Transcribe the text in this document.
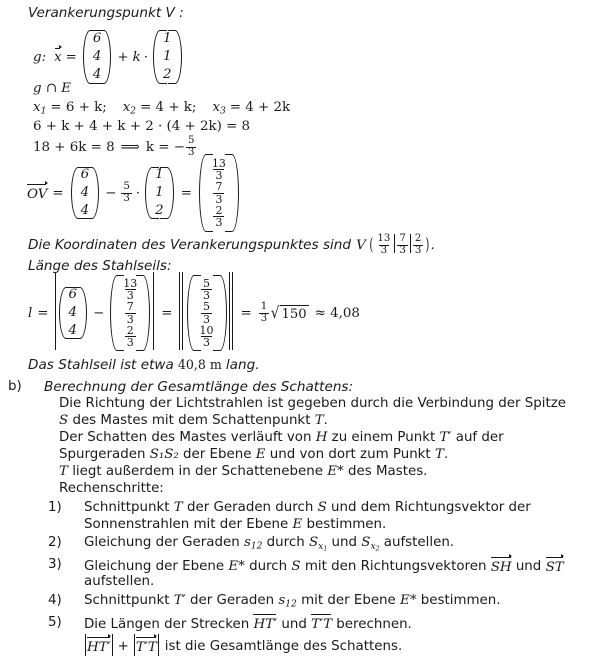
Verankerungspunkt V :
g: x =
6
4
4
+ k ·
1
1
2
g ∩ E
$x_1 = 6 + k$; $x_2 = 4 + k$; $x_3 = 4 + 2k$
6 + k + 4 + k + 2 · (4 + 2k) = 8
18 + 6k = 8 ⟹ k = − $\frac{5}{3}$
OV =
6
4
4
− $\frac{5}{3}$ ·
1
1
2
=
$\frac{13}{3}$
$\frac{7}{3}$
$\frac{2}{3}$
Die Koordinaten des Verankerungspunktes sind V ( $\frac{13}{3} \frac{7}{3} \frac{2}{3}$ ) .
Länge des Stahlseils:
l =
6
4
4
−
$\frac{13}{3}$
$\frac{7}{3}$
$\frac{2}{3}$
=
$\frac{5}{3}$
$\frac{5}{3}$
$\frac{10}{3}$
= $\frac{1}{3}$ √ 150 ≈ 4,08
Das Stahlseil ist etwa 40,8 m lang.
b) Berechnung der Gesamtlänge des Schattens:
Die Richtung der Lichtstrahlen ist gegeben durch die Verbindung der Spitze
S des Mastes mit dem Schattenpunkt T.
Der Schatten des Mastes verläuft von H zu einem Punkt T′ auf der
Spurgeraden S₁S₂ der Ebene E und von dort zum Punkt T.
T liegt außerdem in der Schattenebene E* des Mastes.
Rechenschritte:
1) Schnittpunkt T der Geraden durch S und dem Richtungsvektor der
Sonnenstrahlen mit der Ebene E bestimmen.
2) Gleichung der Geraden $s_{12}$ durch $S_{x_1}$ und $S_{x_2}$ aufstellen.
3) Gleichung der Ebene E* durch S mit den Richtungsvektoren SH und ST
aufstellen.
4) Schnittpunkt T′ der Geraden $s_{12}$ mit der Ebene E* bestimmen.
5) Die Längen der Strecken HT′ und T′T berechnen.
HT′ + T′T ist die Gesamtlänge des Schattens.
